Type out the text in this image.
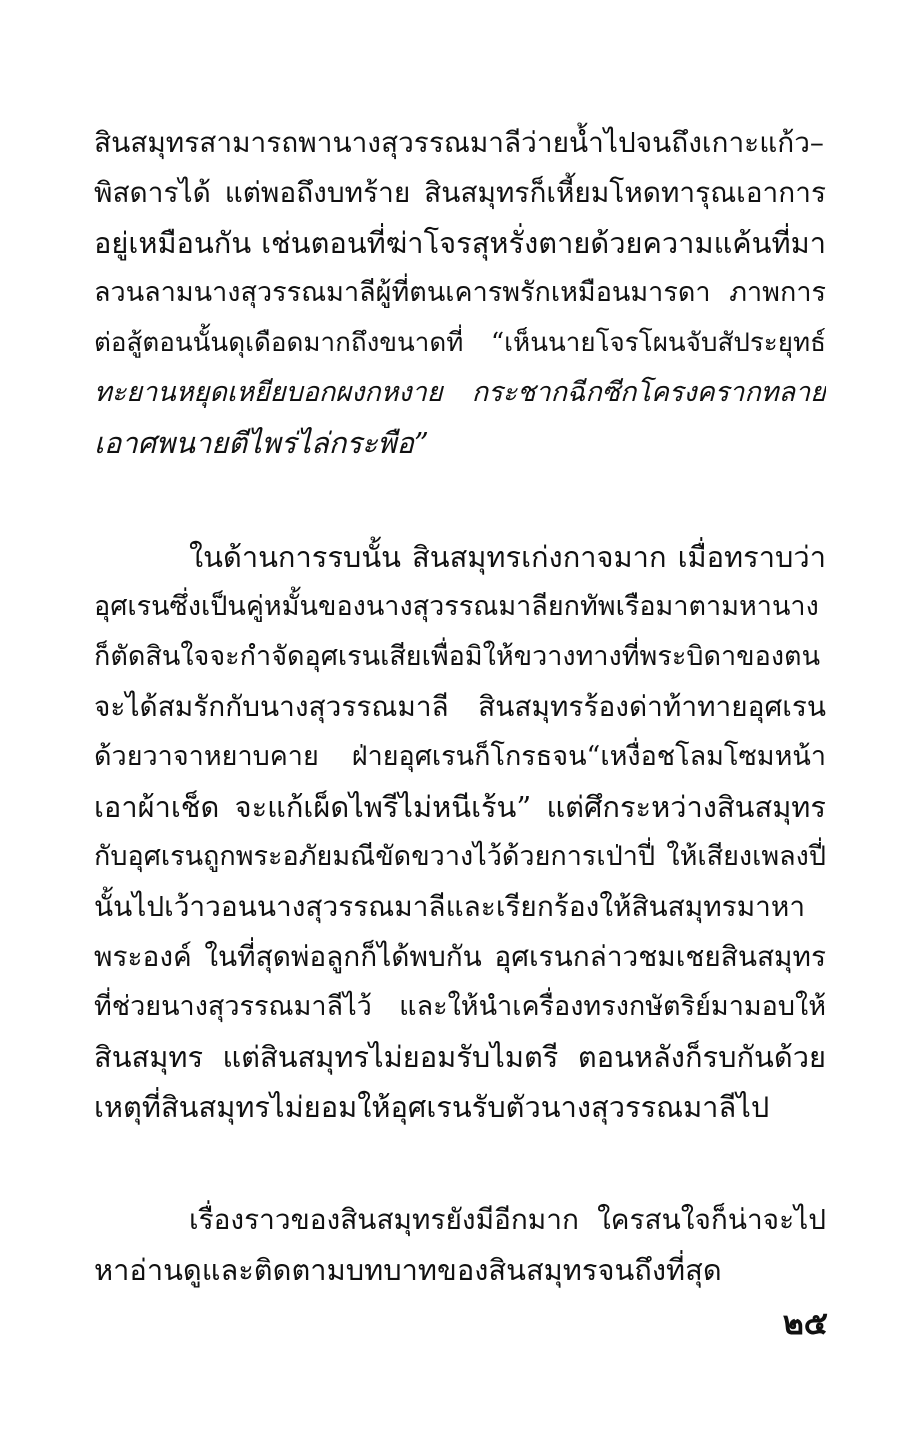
สินสมุทรสามารถพานางสุวรรณมาลีว่ายน้ำไปจนถึงเกาะแก้ว–
พิสดารได้ แต่พอถึงบทร้าย สินสมุทรก็เหี้ยมโหดทารุณเอาการ
อยู่เหมือนกัน เช่นตอนที่ฆ่าโจรสุหรั่งตายด้วยความแค้นที่มา
ลวนลามนางสุวรรณมาลีผู้ที่ตนเคารพรักเหมือนมารดา ภาพการ
ต่อสู้ตอนนั้นดุเดือดมากถึงขนาดที่ “เห็นนายโจรโผนจับสัประยุทธ์
ทะยานหยุดเหยียบอกผงกหงาย กระชากฉีกซีกโครงครากทลาย
เอาศพนายตีไพร่ไล่กระพือ”
ในด้านการรบนั้น สินสมุทรเก่งกาจมาก เมื่อทราบว่า
อุศเรนซึ่งเป็นคู่หมั้นของนางสุวรรณมาลียกทัพเรือมาตามหานาง
ก็ตัดสินใจจะกำจัดอุศเรนเสียเพื่อมิให้ขวางทางที่พระบิดาของตน
จะได้สมรักกับนางสุวรรณมาลี สินสมุทรร้องด่าท้าทายอุศเรน
ด้วยวาจาหยาบคาย ฝ่ายอุศเรนก็โกรธจน“เหงื่อชโลมโซมหน้า
เอาผ้าเช็ด จะแก้เผ็ดไพรีไม่หนีเร้น” แต่ศึกระหว่างสินสมุทร
กับอุศเรนถูกพระอภัยมณีขัดขวางไว้ด้วยการเป่าปี่ ให้เสียงเพลงปี่
นั้นไปเว้าวอนนางสุวรรณมาลีและเรียกร้องให้สินสมุทรมาหา
พระองค์ ในที่สุดพ่อลูกก็ได้พบกัน อุศเรนกล่าวชมเชยสินสมุทร
ที่ช่วยนางสุวรรณมาลีไว้ และให้นำเครื่องทรงกษัตริย์มามอบให้
สินสมุทร แต่สินสมุทรไม่ยอมรับไมตรี ตอนหลังก็รบกันด้วย
เหตุที่สินสมุทรไม่ยอมให้อุศเรนรับตัวนางสุวรรณมาลีไป
เรื่องราวของสินสมุทรยังมีอีกมาก ใครสนใจก็น่าจะไป
หาอ่านดูและติดตามบทบาทของสินสมุทรจนถึงที่สุด
๒๕
